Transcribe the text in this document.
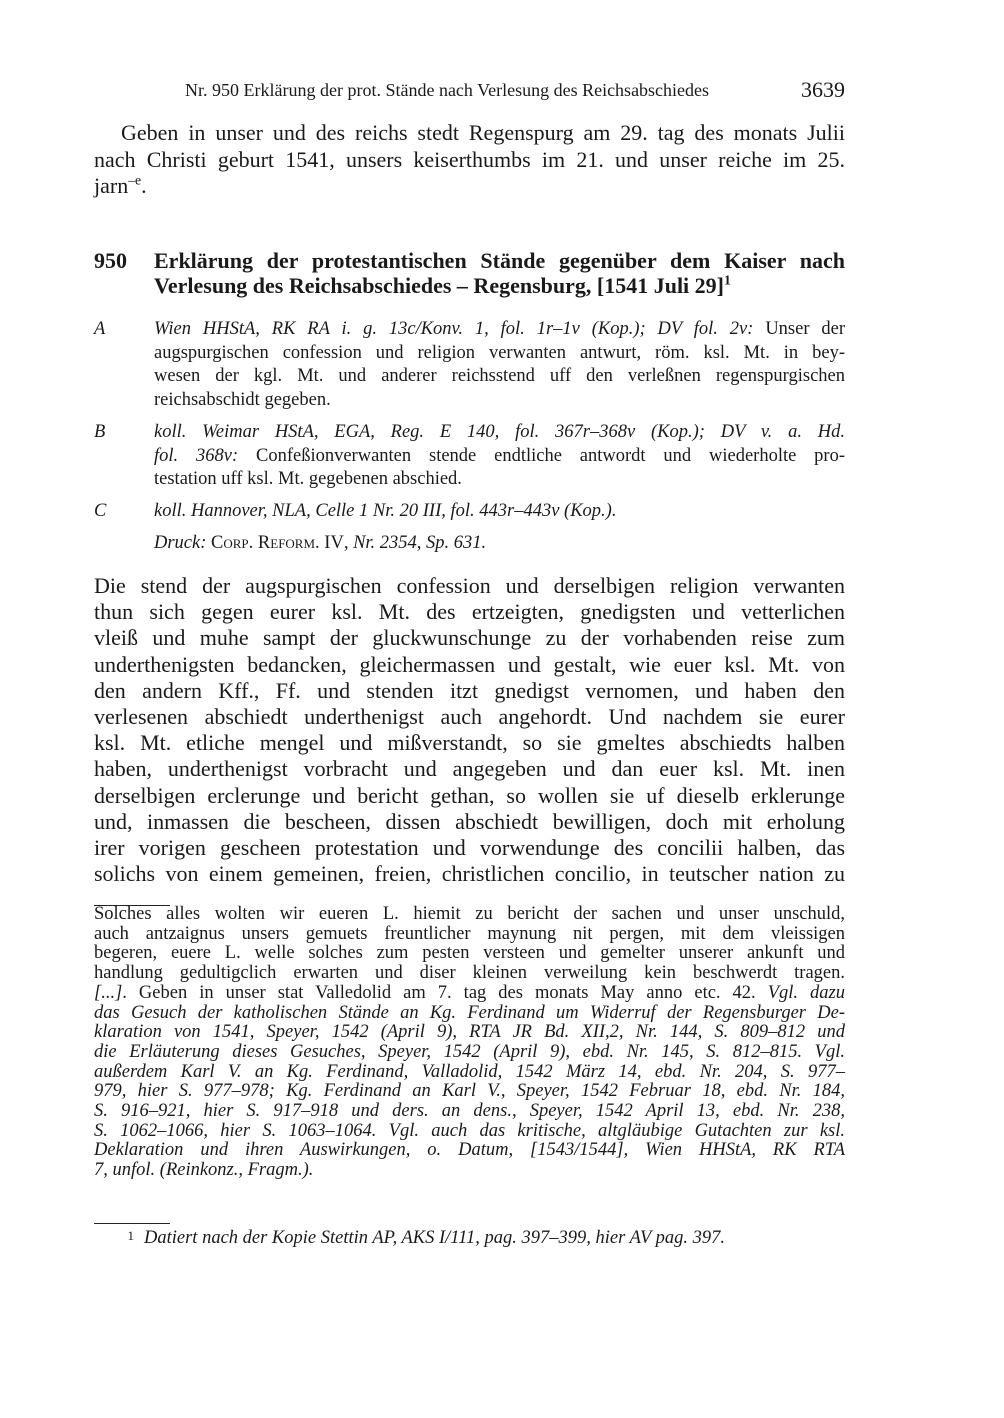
Nr. 950 Erklärung der prot. Stände nach Verlesung des Reichsabschiedes	3639
Geben in unser und des reichs stedt Regenspurg am 29. tag des monats Julii
nach Christi geburt 1541, unsers keiserthumbs im 21. und unser reiche im 25.
jarn$^{-e}$.
950 Erklärung der protestantischen Stände gegenüber dem Kaiser nach
Verlesung des Reichsabschiedes – Regensburg, [1541 Juli 29]$^1$
A	Wien HHStA, RK RA i. g. 13c/Konv. 1, fol. 1r–1v (Kop.); DV fol. 2v: Unser der
augspurgischen confession und religion verwanten antwurt, röm. ksl. Mt. in bey-
wesen der kgl. Mt. und anderer reichsstend uff den verleßnen regenspurgischen
reichsabschidt gegeben.
B	koll. Weimar HStA, EGA, Reg. E 140, fol. 367r–368v (Kop.); DV v. a. Hd.
fol. 368v: Confeßionverwanten stende endtliche antwordt und wiederholte pro-
testation uff ksl. Mt. gegebenen abschied.
C	koll. Hannover, NLA, Celle 1 Nr. 20 III, fol. 443r–443v (Kop.).
Druck: Corp. Reform. IV, Nr. 2354, Sp. 631.
Die stend der augspurgischen confession und derselbigen religion verwanten
thun sich gegen eurer ksl. Mt. des ertzeigten, gnedigsten und vetterlichen
vleiß und muhe sampt der gluckwunschunge zu der vorhabenden reise zum
underthenigsten bedancken, gleichermassen und gestalt, wie euer ksl. Mt. von
den andern Kff., Ff. und stenden itzt gnedigst vernomen, und haben den
verlesenen abschiedt underthenigst auch angehordt. Und nachdem sie eurer
ksl. Mt. etliche mengel und mißverstandt, so sie gmeltes abschiedts halben
haben, underthenigst vorbracht und angegeben und dan euer ksl. Mt. inen
derselbigen erclerunge und bericht gethan, so wollen sie uf dieselb erklerunge
und, inmassen die bescheen, dissen abschiedt bewilligen, doch mit erholung
irer vorigen gescheen protestation und vorwendunge des concilii halben, das
solichs von einem gemeinen, freien, christlichen concilio, in teutscher nation zu
Solches alles wolten wir eueren L. hiemit zu bericht der sachen und unser unschuld,
auch antzaignus unsers gemuets freuntlicher maynung nit pergen, mit dem vleissigen
begeren, euere L. welle solches zum pesten versteen und gemelter unserer ankunft und
handlung gedultigclich erwarten und diser kleinen verweilung kein beschwerdt tragen.
[...]. Geben in unser stat Valledolid am 7. tag des monats May anno etc. 42. Vgl. dazu
das Gesuch der katholischen Stände an Kg. Ferdinand um Widerruf der Regensburger De-
klaration von 1541, Speyer, 1542 (April 9), RTA JR Bd. XII,2, Nr. 144, S. 809–812 und
die Erläuterung dieses Gesuches, Speyer, 1542 (April 9), ebd. Nr. 145, S. 812–815. Vgl.
außerdem Karl V. an Kg. Ferdinand, Valladolid, 1542 März 14, ebd. Nr. 204, S. 977–
979, hier S. 977–978; Kg. Ferdinand an Karl V., Speyer, 1542 Februar 18, ebd. Nr. 184,
S. 916–921, hier S. 917–918 und ders. an dens., Speyer, 1542 April 13, ebd. Nr. 238,
S. 1062–1066, hier S. 1063–1064. Vgl. auch das kritische, altgläubige Gutachten zur ksl.
Deklaration und ihren Auswirkungen, o. Datum, [1543/1544], Wien HHStA, RK RTA
7, unfol. (Reinkonz., Fragm.).
1 Datiert nach der Kopie Stettin AP, AKS I/111, pag. 397–399, hier AV pag. 397.
